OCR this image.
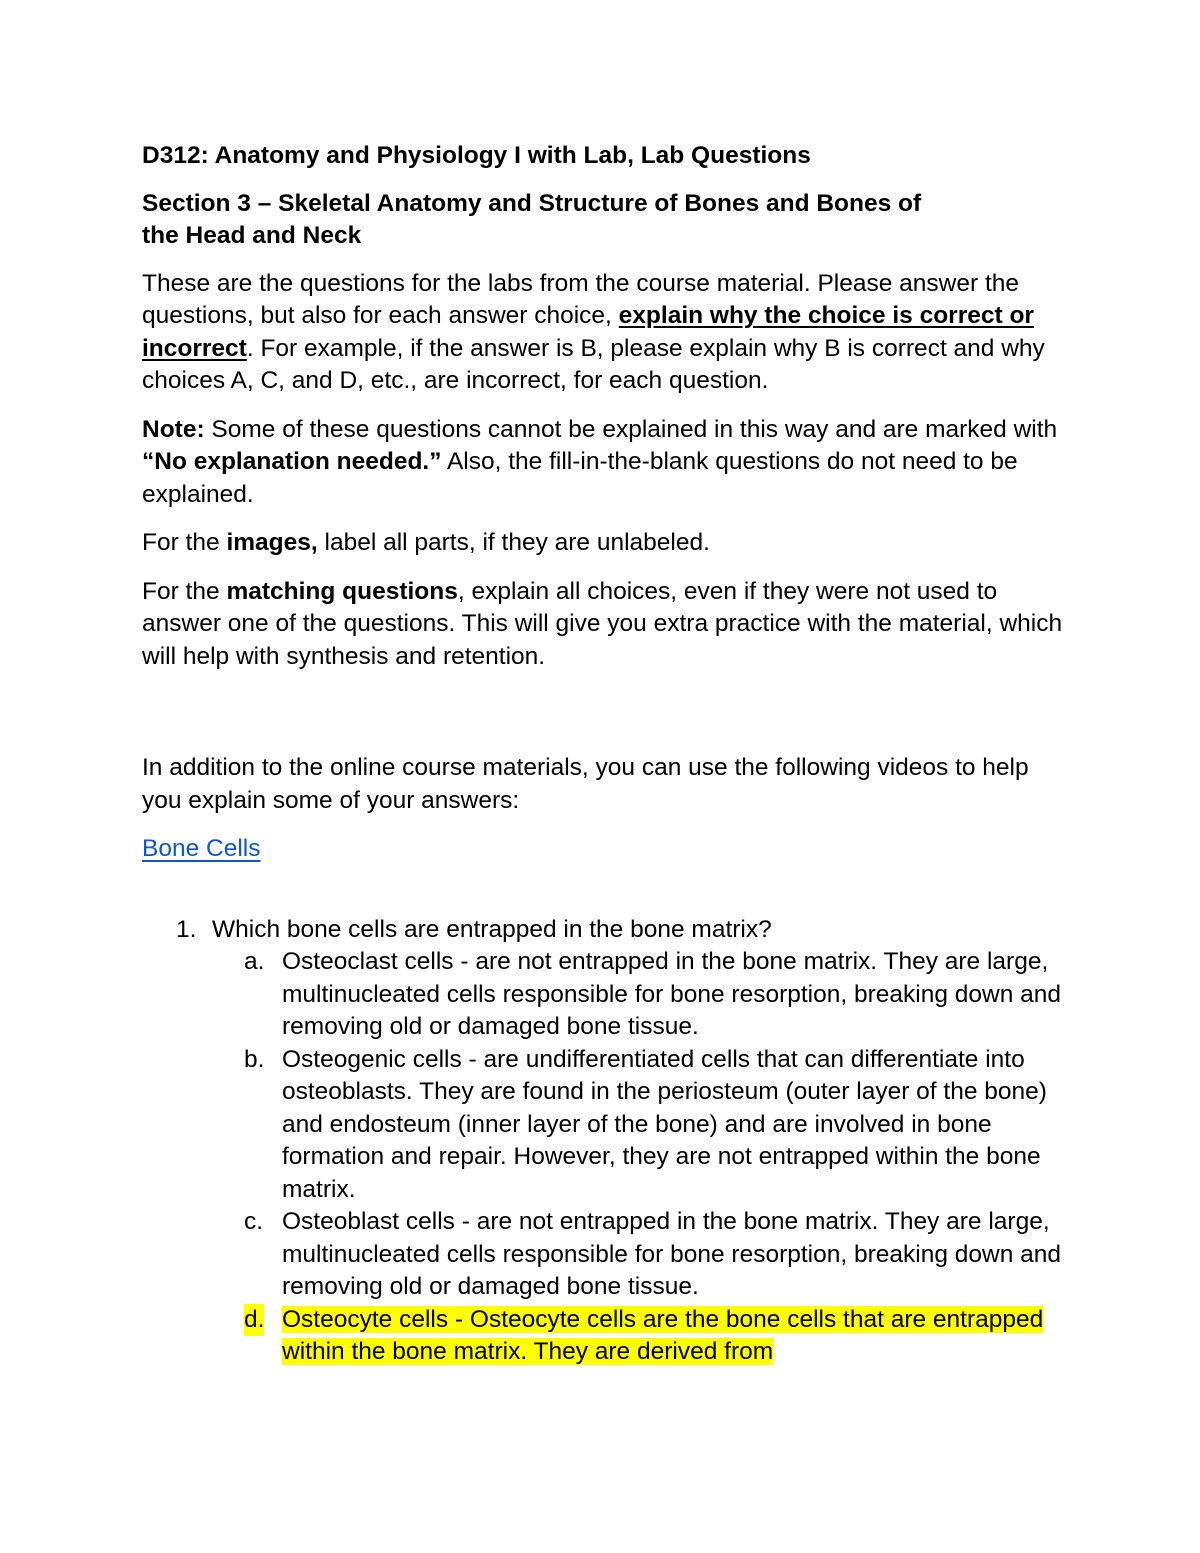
D312: Anatomy and Physiology I with Lab, Lab Questions
Section 3 – Skeletal Anatomy and Structure of Bones and Bones of
the Head and Neck

These are the questions for the labs from the course material. Please answer the questions, but also for each answer choice, explain why the choice is correct or incorrect. For example, if the answer is B, please explain why B is correct and why choices A, C, and D, etc., are incorrect, for each question.

Note: Some of these questions cannot be explained in this way and are marked with “No explanation needed.” Also, the fill-in-the-blank questions do not need to be explained.

For the images, label all parts, if they are unlabeled.

For the matching questions, explain all choices, even if they were not used to answer one of the questions. This will give you extra practice with the material, which will help with synthesis and retention.

In addition to the online course materials, you can use the following videos to help you explain some of your answers:

Bone Cells

1. Which bone cells are entrapped in the bone matrix?
a. Osteoclast cells - are not entrapped in the bone matrix. They are large, multinucleated cells responsible for bone resorption, breaking down and removing old or damaged bone tissue.
b. Osteogenic cells - are undifferentiated cells that can differentiate into osteoblasts. They are found in the periosteum (outer layer of the bone) and endosteum (inner layer of the bone) and are involved in bone formation and repair. However, they are not entrapped within the bone matrix.
c. Osteoblast cells - are not entrapped in the bone matrix. They are large, multinucleated cells responsible for bone resorption, breaking down and removing old or damaged bone tissue.
d. Osteocyte cells - Osteocyte cells are the bone cells that are entrapped within the bone matrix. They are derived from
